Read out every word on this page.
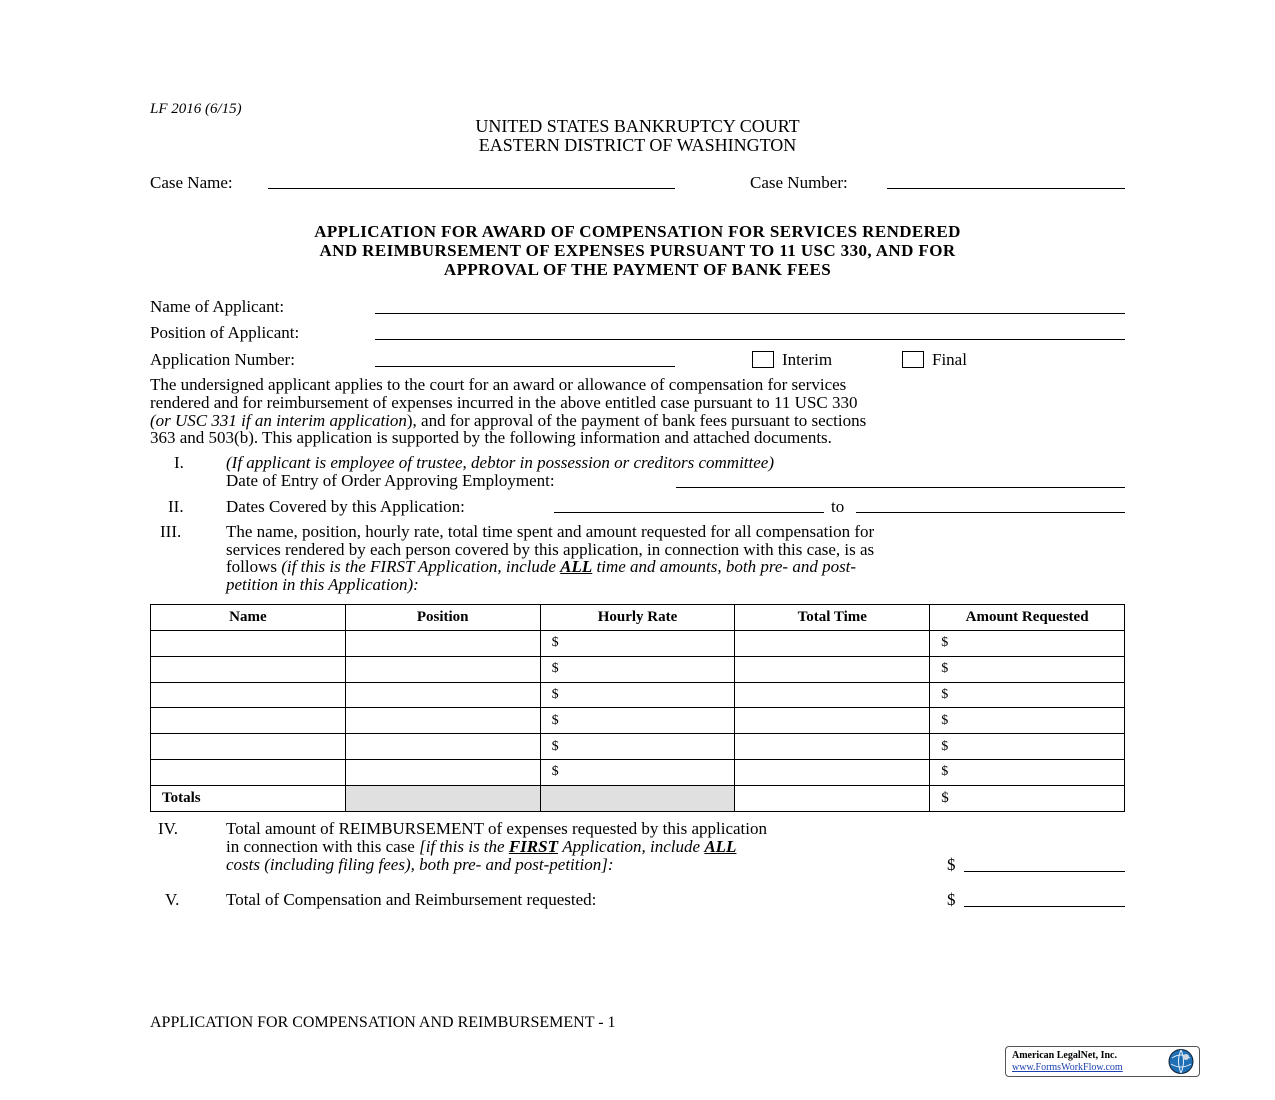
LF 2016 (6/15)
UNITED STATES BANKRUPTCY COURT
EASTERN DISTRICT OF WASHINGTON
Case Name:	Case Number:
APPLICATION FOR AWARD OF COMPENSATION FOR SERVICES RENDERED
AND REIMBURSEMENT OF EXPENSES PURSUANT TO 11 USC 330, AND FOR
APPROVAL OF THE PAYMENT OF BANK FEES
Name of Applicant:
Position of Applicant:
Application Number:	Interim	Final
The undersigned applicant applies to the court for an award or allowance of compensation for services
rendered and for reimbursement of expenses incurred in the above entitled case pursuant to 11 USC 330
(or USC 331 if an interim application), and for approval of the payment of bank fees pursuant to sections
363 and 503(b). This application is supported by the following information and attached documents.
I. (If applicant is employee of trustee, debtor in possession or creditors committee)
Date of Entry of Order Approving Employment:
II. Dates Covered by this Application:	to
III.	The name, position, hourly rate, total time spent and amount requested for all compensation for
services rendered by each person covered by this application, in connection with this case, is as
follows (if this is the FIRST Application, include ALL time and amounts, both pre- and post-
petition in this Application):
Name	Position	Hourly Rate	Total Time	Amount Requested
		$		$
		$		$
		$		$
		$		$
		$		$
		$		$
Totals				$
IV.	Total amount of REIMBURSEMENT of expenses requested by this application
in connection with this case [if this is the FIRST Application, include ALL
costs (including filing fees), both pre- and post-petition]:	$
V.	Total of Compensation and Reimbursement requested:	$
APPLICATION FOR COMPENSATION AND REIMBURSEMENT - 1
American LegalNet, Inc.
www.FormsWorkFlow.com
